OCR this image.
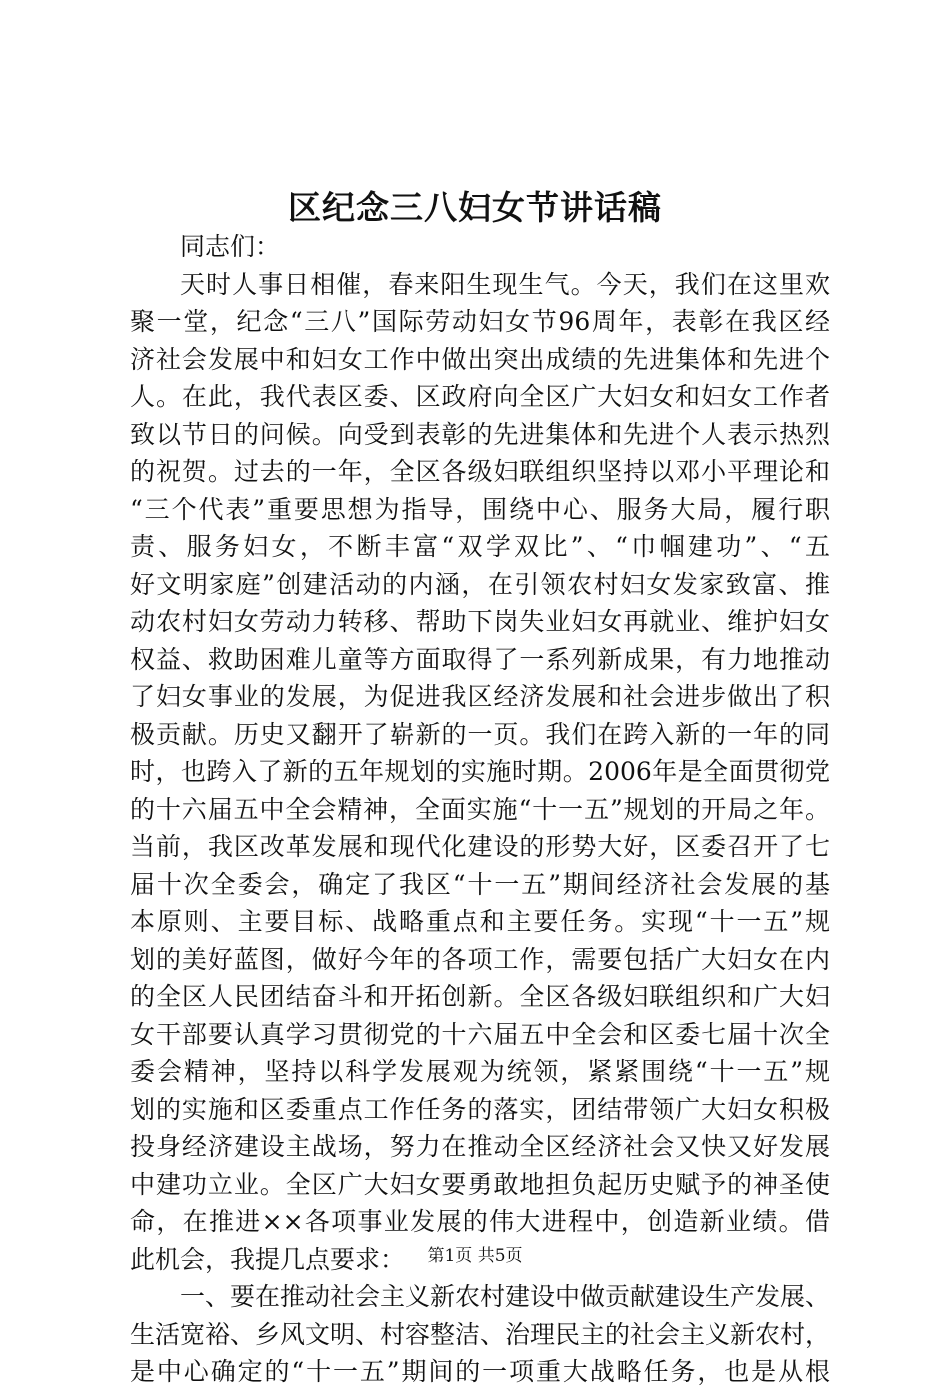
区纪念三八妇女节讲话稿
同志们：
天时人事日相催，春来阳生现生气。今天，我们在这里欢
聚一堂，纪念“三八”国际劳动妇女节96周年，表彰在我区经
济社会发展中和妇女工作中做出突出成绩的先进集体和先进个
人。在此，我代表区委、区政府向全区广大妇女和妇女工作者
致以节日的问候。向受到表彰的先进集体和先进个人表示热烈
的祝贺。过去的一年，全区各级妇联组织坚持以邓小平理论和
“三个代表”重要思想为指导，围绕中心、服务大局，履行职
责、服务妇女，不断丰富“双学双比”、“巾帼建功”、“五
好文明家庭”创建活动的内涵，在引领农村妇女发家致富、推
动农村妇女劳动力转移、帮助下岗失业妇女再就业、维护妇女
权益、救助困难儿童等方面取得了一系列新成果，有力地推动
了妇女事业的发展，为促进我区经济发展和社会进步做出了积
极贡献。历史又翻开了崭新的一页。我们在跨入新的一年的同
时，也跨入了新的五年规划的实施时期。2006年是全面贯彻党
的十六届五中全会精神，全面实施“十一五”规划的开局之年。
当前，我区改革发展和现代化建设的形势大好，区委召开了七
届十次全委会，确定了我区“十一五”期间经济社会发展的基
本原则、主要目标、战略重点和主要任务。实现“十一五”规
划的美好蓝图，做好今年的各项工作，需要包括广大妇女在内
的全区人民团结奋斗和开拓创新。全区各级妇联组织和广大妇
女干部要认真学习贯彻党的十六届五中全会和区委七届十次全
委会精神，坚持以科学发展观为统领，紧紧围绕“十一五”规
划的实施和区委重点工作任务的落实，团结带领广大妇女积极
投身经济建设主战场，努力在推动全区经济社会又快又好发展
中建功立业。全区广大妇女要勇敢地担负起历史赋予的神圣使
命，在推进××各项事业发展的伟大进程中，创造新业绩。借
此机会，我提几点要求：
一、要在推动社会主义新农村建设中做贡献建设生产发展、
生活宽裕、乡风文明、村容整洁、治理民主的社会主义新农村，
是中心确定的“十一五”期间的一项重大战略任务，也是从根
第1页 共5页
